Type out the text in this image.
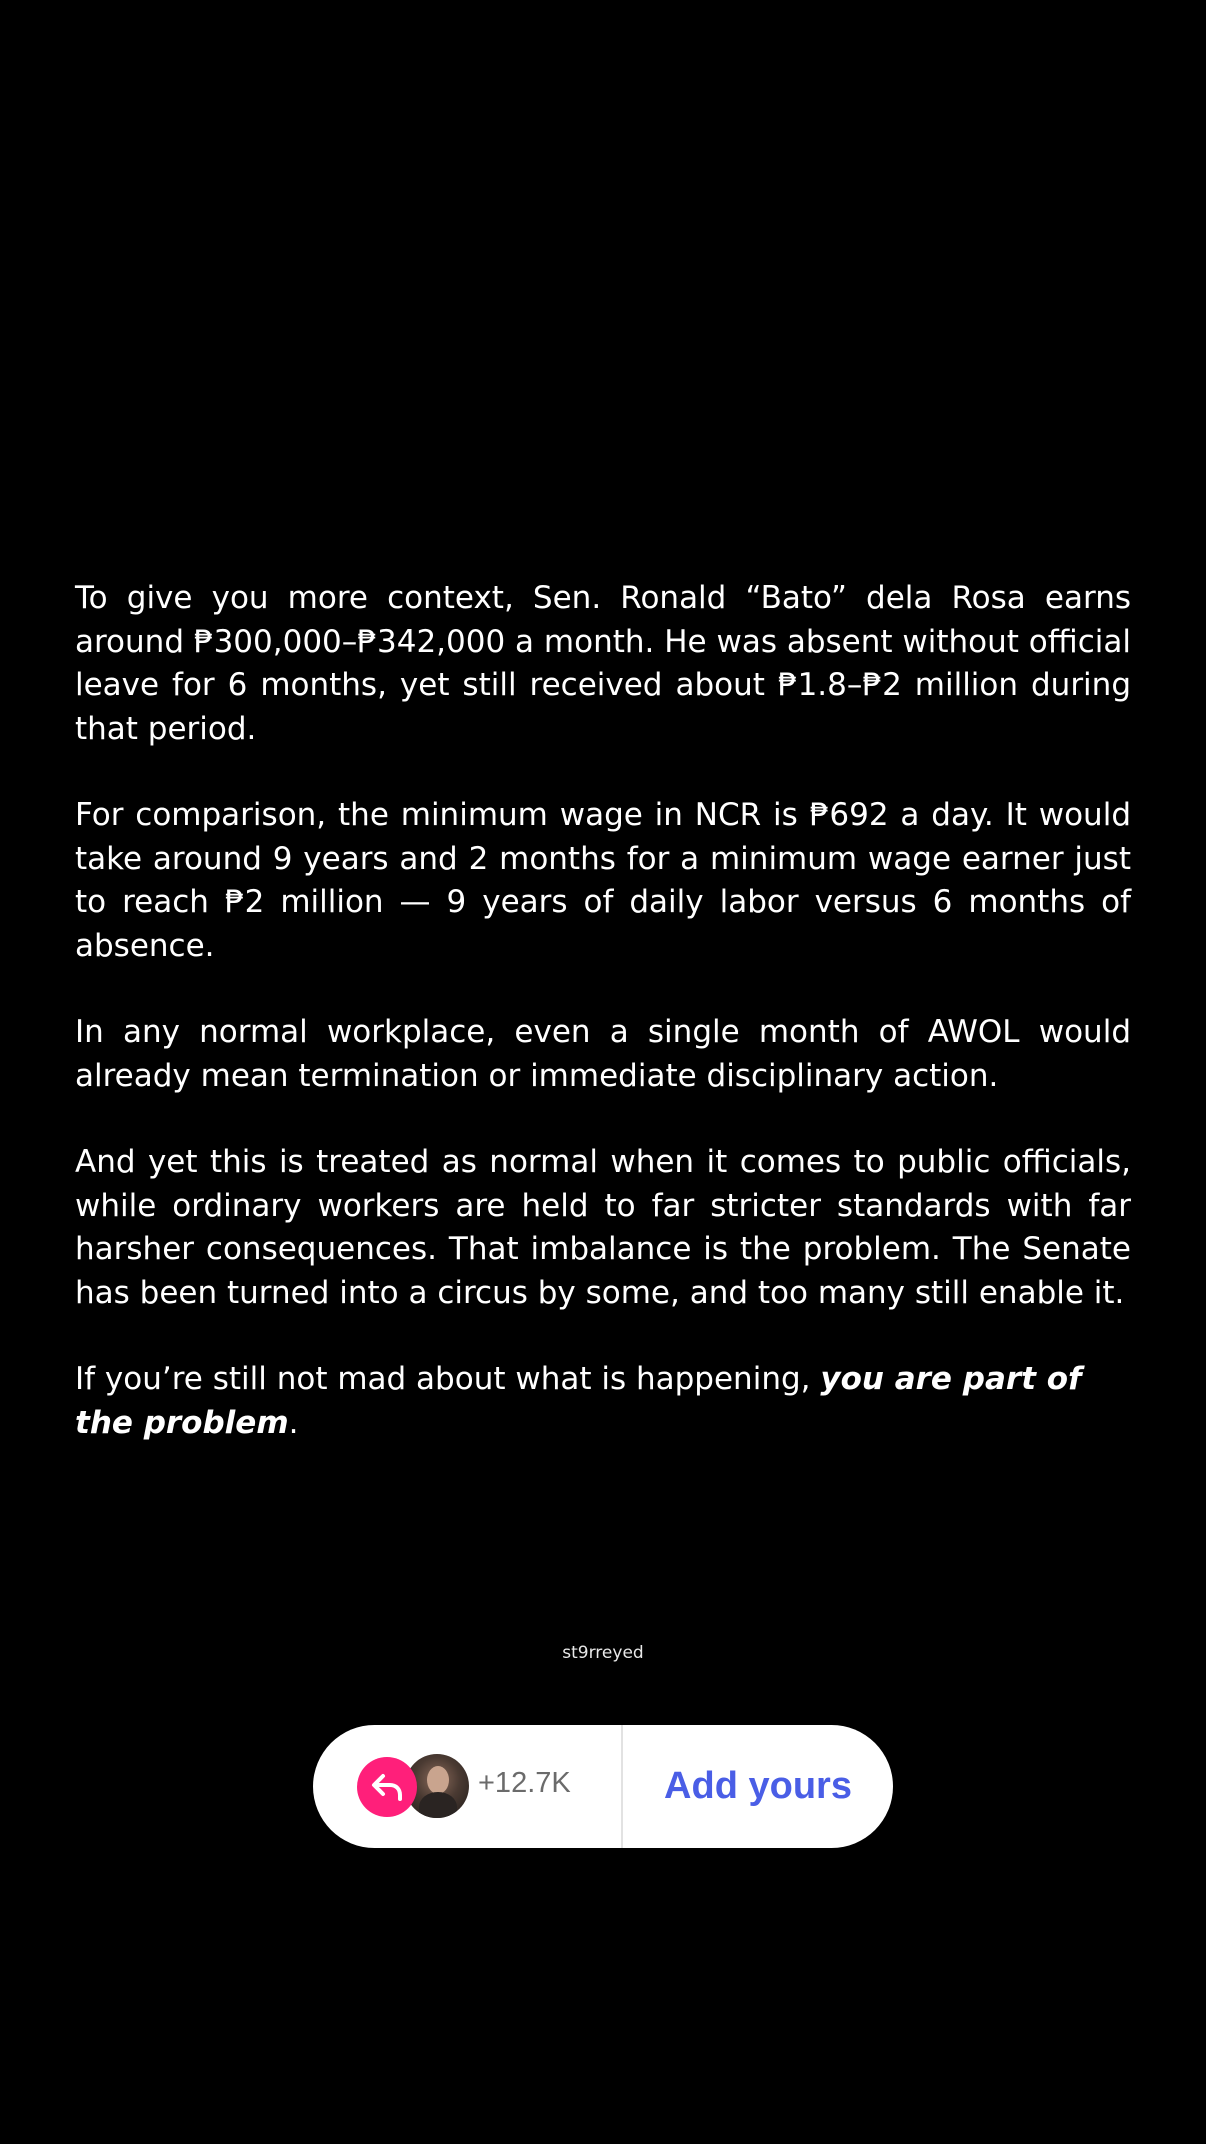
To give you more context, Sen. Ronald “Bato” dela Rosa earns around ₱300,000–₱342,000 a month. He was absent without official leave for 6 months, yet still received about ₱1.8–₱2 million during that period.

For comparison, the minimum wage in NCR is ₱692 a day. It would take around 9 years and 2 months for a minimum wage earner just to reach ₱2 million — 9 years of daily labor versus 6 months of absence.

In any normal workplace, even a single month of AWOL would already mean termination or immediate disciplinary action.

And yet this is treated as normal when it comes to public officials, while ordinary workers are held to far stricter standards with far harsher consequences. That imbalance is the problem. The Senate has been turned into a circus by some, and too many still enable it.

If you’re still not mad about what is happening, you are part of the problem.

st9rreyed
+12.7K	Add yours
